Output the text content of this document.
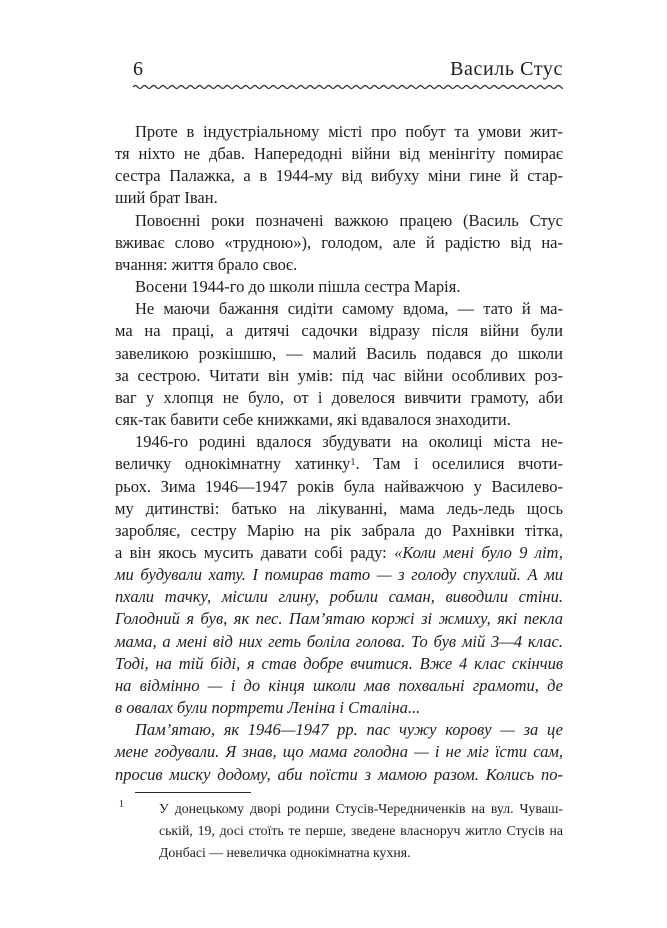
6	Василь Стус
Проте в індустріальному місті про побут та умови жит-
тя ніхто не дбав. Напередодні війни від менінгіту помирає
сестра Палажка, а в 1944-му від вибуху міни гине й стар-
ший брат Іван.
Повоєнні роки позначені важкою працею (Василь Стус
вживає слово «трудною»), голодом, але й радістю від на-
вчання: життя брало своє.
Восени 1944-го до школи пішла сестра Марія.
Не маючи бажання сидіти самому вдома, — тато й ма-
ма на праці, а дитячі садочки відразу після війни були
завеликою розкішшю, — малий Василь подався до школи
за сестрою. Читати він умів: під час війни особливих роз-
ваг у хлопця не було, от і довелося вивчити грамоту, аби
сяк-так бавити себе книжками, які вдавалося знаходити.
1946-го родині вдалося збудувати на околиці міста не-
величку однокімнатну хатинку$^1$. Там і оселилися вчоти-
рьох. Зима 1946—1947 років була найважчою у Василево-
му дитинстві: батько на лікуванні, мама ледь-ледь щось
заробляє, сестру Марію на рік забрала до Рахнівки тітка,
а він якось мусить давати собі раду: «Коли мені було 9 літ,
ми будували хату. І помирав тато — з голоду спухлий. А ми
пхали тачку, місили глину, робили саман, виводили стіни.
Голодний я був, як пес. Пам’ятаю коржі зі жмиху, які пекла
мама, а мені від них геть боліла голова. То був мій 3—4 клас.
Тоді, на тій біді, я став добре вчитися. Вже 4 клас скінчив
на відмінно — і до кінця школи мав похвальні грамоти, де
в овалах були портрети Леніна і Сталіна...
Пам’ятаю, як 1946—1947 рр. пас чужу корову — за це
мене годували. Я знав, що мама голодна — і не міг їсти сам,
просив миску додому, аби поїсти з мамою разом. Колись по-
1	У донецькому дворі родини Стусів-Чередниченків на вул. Чуваш-
ській, 19, досі стоїть те перше, зведене власноруч житло Стусів на
Донбасі — невеличка однокімнатна кухня.
